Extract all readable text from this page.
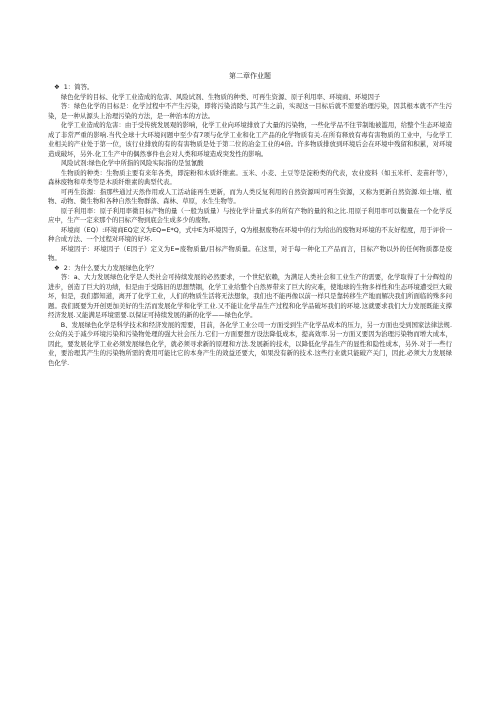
第二章作业题
❖ 1：简答。

绿色化学的目标、化学工业造成的危害、风险试剂、生物质的种类、可再生资源、原子利用率、环境商、环境因子

答：绿色化学的目标是：化学过程中不产生污染，即将污染消除与其产生之前，实现这一目标后就不需要治理污染，因其根本就不产生污染，是一种从源头上治理污染的方法，是一种治本的方法。

化学工业造成的危害：由于受传统发展观的影响，化学工业向环境排放了大量的污染物，一些化学品不往节制地被滥用，给整个生态环境造成了非常严重的影响.当代全球十大环境问题中至少有7项与化学工业和化工产品的化学物质有关.在所有释放有毒有害物质的工业中，与化学工业相关的产业处于第一位，该行业排放的有的有害物质是处于第二位的冶金工业的4倍。许多物质排放到环境后会在环境中残留和积累，对环境造成破坏，另外.化工生产中的偶然事件也会对人类和环境造成突发性的影响。

风险试剂:绿色化学中所指的风险实际指的是氢氰酸

生物质的种类：生物质主要有来年各类，即淀粉和木质纤维素。玉米、小麦、土豆等是淀粉类的代表，农业废料（如玉米杆、麦苗秆等），森林废物和草类等是木质纤维素的典型代表。

可再生资源：指那些通过天然作用或人工活动能再生更新，而为人类反复利用的自然资源叫可再生资源，又称为更新自然资源.如土壤、植物、动物、微生物和各种自然生物群落、森林、草原，水生生物等。

原子利用率：原子利用率微目标产物的量（一般为质量）与按化学计量式多的所有产物的量的和之比.用原子利用率可以衡量在一个化学反应中，生产一定来那个的目标产物到底会生成多少的废物。

环境商（EQ）:环境商EQ定义为EQ=E*Q，式中E为环境因子，Q为根据废物在环境中的行为给出的废物对环境的不友好程度，用于评价一种合成方法、一个过程对环境的好坏.

环境因子：环境因子（E因子）定义为E=废物质量/目标产物质量。在这里，对于每一种化工产品而言，目标产物以外的任何物质都是废物。

❖ 2：为什么要大力发展绿色化学？

答：a、大力发展绿色化学是人类社会可持续发展的必然要求，一个世纪依赖，为满足人类社会和工业生产的需要，化学取得了十分辉煌的进步，创造了巨大的功绩，但是由于受陈旧的思想禁锢，化学工业给整个自然界带来了巨大的灾难，使地球的生物多样性和生态环境遭受巨大破坏，但是，我们都知道，离开了化学工业，人们的物质生活将无法想象，我们也不能再像以前一样只是靠转移生产地而解决我们所面临的殊多问题。我们既要为开创更加美好的生活而发展化学和化学工业.又不能让化学品生产过程和化学品破坏我们的环境.这就要求我们大力发展既能支撑经济发展.又能满足环境需要.以保证可持续发展的新的化学——绿色化学。

B、发展绿色化学是科学技术和经济发展的需要，目前，各化学工业公司一方面受到生产化学品成本的压力，另一方面也受到国家法律法规.公众的关于减少环境污染和污染物处理的强大社会压力.它们一方面要想方设法降低成本，提高效率.另一方面又要因为治理污染物而增大成本，因此，要发展化学工业必须发展绿色化学，就必须寻求新的原理和方法.发展新的技术，以降低化学品生产的显性和隐性成本，另外.对于一些行业，要治理其产生的污染物所需的费用可能比它的本身产生的效益还要大，如果没有新的技术.这些行业就只能破产关门，因此.必须大力发展绿色化学.
